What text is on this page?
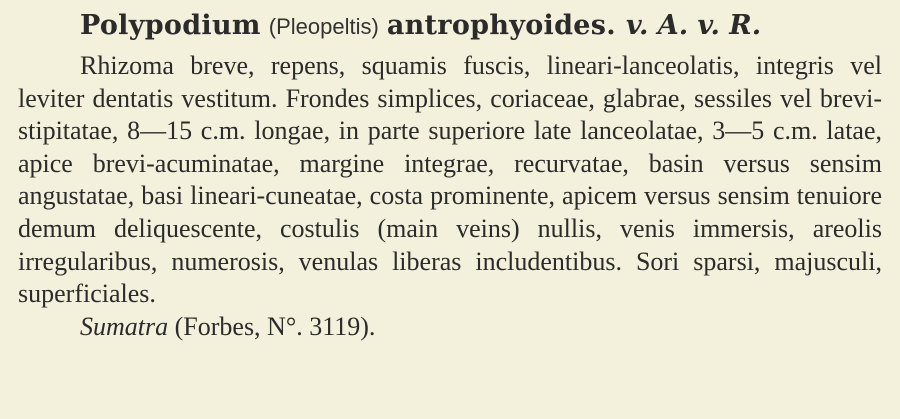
Polypodium (Pleopeltis) antrophyoides. v. A. v. R.

Rhizoma breve, repens, squamis fuscis, lineari-lanceolatis, integris vel leviter dentatis vestitum. Frondes simplices, coriaceae, glabrae, sessiles vel brevi-stipitatae, 8—15 c.m. longae, in parte superiore late lanceolatae, 3—5 c.m. latae, apice brevi-acuminatae, margine integrae, recurvatae, basin versus sensim angustatae, basi lineari-cuneatae, costa prominente, apicem versus sensim tenuiore demum deliquescente, costulis (main veins) nullis, venis immersis, areolis irregularibus, numerosis, venulas liberas includentibus. Sori sparsi, majusculi, superficiales.

Sumatra (Forbes, N°. 3119).
